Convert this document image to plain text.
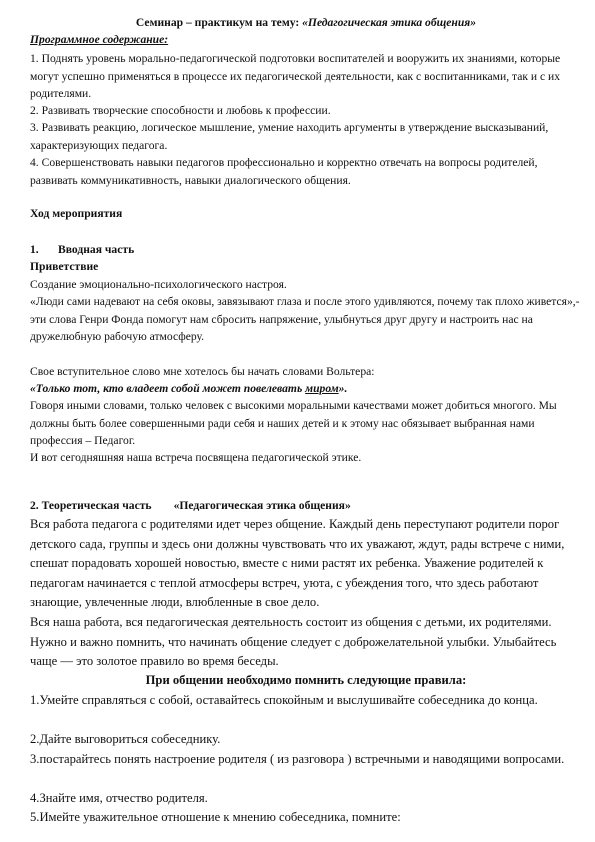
Семинар – практикум на тему: «Педагогическая этика общения»

Программное содержание:

1. Поднять уровень морально-педагогической подготовки воспитателей и вооружить их знаниями, которые могут успешно применяться в процессе их педагогической деятельности, как с воспитанниками, так и с их родителями.

2. Развивать творческие способности и любовь к профессии.

3. Развивать реакцию, логическое мышление, умение находить аргументы в утверждение высказываний, характеризующих педагога.

4. Совершенствовать навыки педагогов профессионально и корректно отвечать на вопросы родителей, развивать коммуникативность, навыки диалогического общения.

Ход мероприятия

1. Вводная часть

Приветствие

Создание эмоционально-психологического настроя.

«Люди сами надевают на себя оковы, завязывают глаза и после этого удивляются, почему так плохо живется»,- эти слова Генри Фонда помогут нам сбросить напряжение, улыбнуться друг другу и настроить нас на дружелюбную рабочую атмосферу.

Свое вступительное слово мне хотелось бы начать словами Вольтера:

«Только тот, кто владеет собой может повелевать миром».

Говоря иными словами, только человек с высокими моральными качествами может добиться многого. Мы должны быть более совершенными ради себя и наших детей и к этому нас обязывает выбранная нами профессия – Педагог.

И вот сегодняшняя наша встреча посвящена педагогической этике.

2. Теоретическая часть «Педагогическая этика общения»

Вся работа педагога с родителями идет через общение. Каждый день переступают родители порог детского сада, группы и здесь они должны чувствовать что их уважают, ждут, рады встрече с ними, спешат порадовать хорошей новостью, вместе с ними растят их ребенка. Уважение родителей к педагогам начинается с теплой атмосферы встреч, уюта, с убеждения того, что здесь работают знающие, увлеченные люди, влюбленные в свое дело.

Вся наша работа, вся педагогическая деятельность состоит из общения с детьми, их родителями. Нужно и важно помнить, что начинать общение следует с доброжелательной улыбки. Улыбайтесь чаще — это золотое правило во время беседы.

При общении необходимо помнить следующие правила:

1.Умейте справляться с собой, оставайтесь спокойным и выслушивайте собеседника до конца.

2.Дайте выговориться собеседнику.

3.постарайтесь понять настроение родителя ( из разговора ) встречными и наводящими вопросами.

4.Знайте имя, отчество родителя.

5.Имейте уважительное отношение к мнению собеседника, помните:
